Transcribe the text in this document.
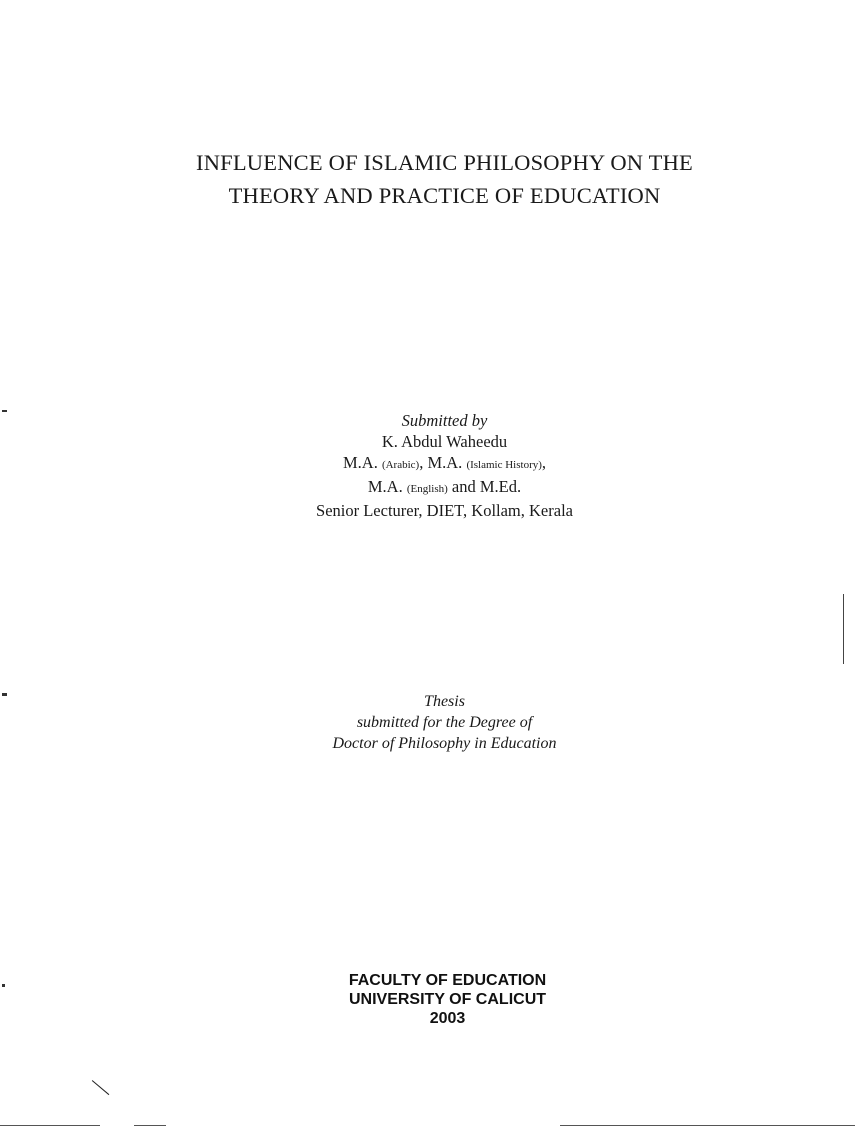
INFLUENCE OF ISLAMIC PHILOSOPHY ON THE
THEORY AND PRACTICE OF EDUCATION
Submitted by
K. Abdul Waheedu
M.A. (Arabic), M.A. (Islamic History),
M.A. (English) and M.Ed.
Senior Lecturer, DIET, Kollam, Kerala
Thesis
submitted for the Degree of
Doctor of Philosophy in Education
FACULTY OF EDUCATION
UNIVERSITY OF CALICUT
2003
